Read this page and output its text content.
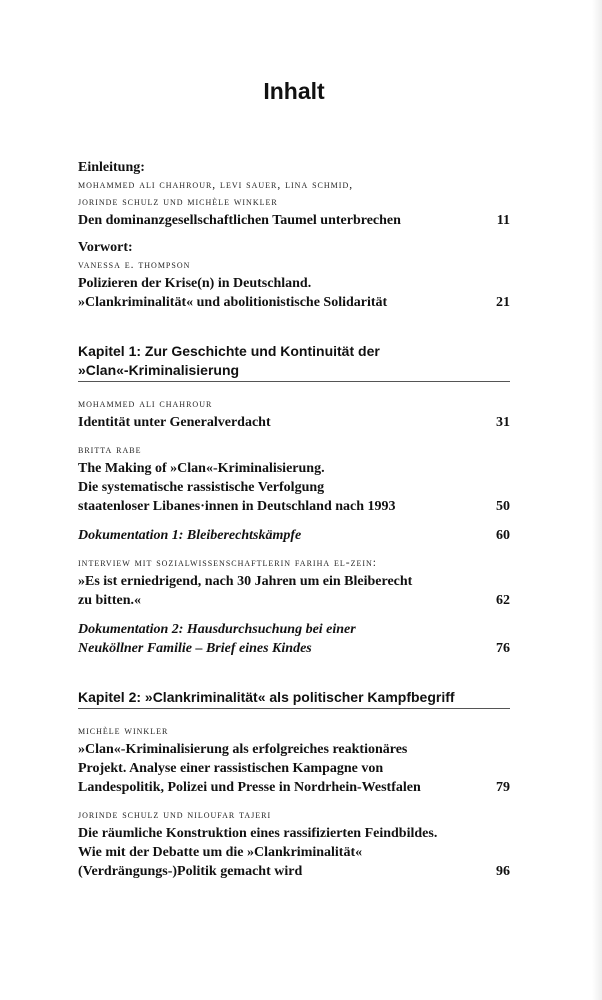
Inhalt
Einleitung:
mohammed ali chahrour, levi sauer, lina schmid,
jorinde schulz und michèle winkler
Den dominanzgesellschaftlichen Taumel unterbrechen	11
Vorwort:
vanessa e. thompson
Polizieren der Krise(n) in Deutschland.
»Clankriminalität« und abolitionistische Solidarität	21
Kapitel 1: Zur Geschichte und Kontinuität der
»Clan«-Kriminalisierung
mohammed ali chahrour
Identität unter Generalverdacht	31
britta rabe
The Making of »Clan«-Kriminalisierung.
Die systematische rassistische Verfolgung
staatenloser Libanes·innen in Deutschland nach 1993	50
Dokumentation 1: Bleiberechtskämpfe	60
interview mit sozialwissenschaftlerin fariha el-zein:
»Es ist erniedrigend, nach 30 Jahren um ein Bleiberecht
zu bitten.«	62
Dokumentation 2: Hausdurchsuchung bei einer
Neuköllner Familie – Brief eines Kindes	76
Kapitel 2: »Clankriminalität« als politischer Kampfbegriff
michèle winkler
»Clan«-Kriminalisierung als erfolgreiches reaktionäres
Projekt. Analyse einer rassistischen Kampagne von
Landespolitik, Polizei und Presse in Nordrhein-Westfalen	79
jorinde schulz und niloufar tajeri
Die räumliche Konstruktion eines rassifizierten Feindbildes.
Wie mit der Debatte um die »Clankriminalität«
(Verdrängungs-)Politik gemacht wird	96
